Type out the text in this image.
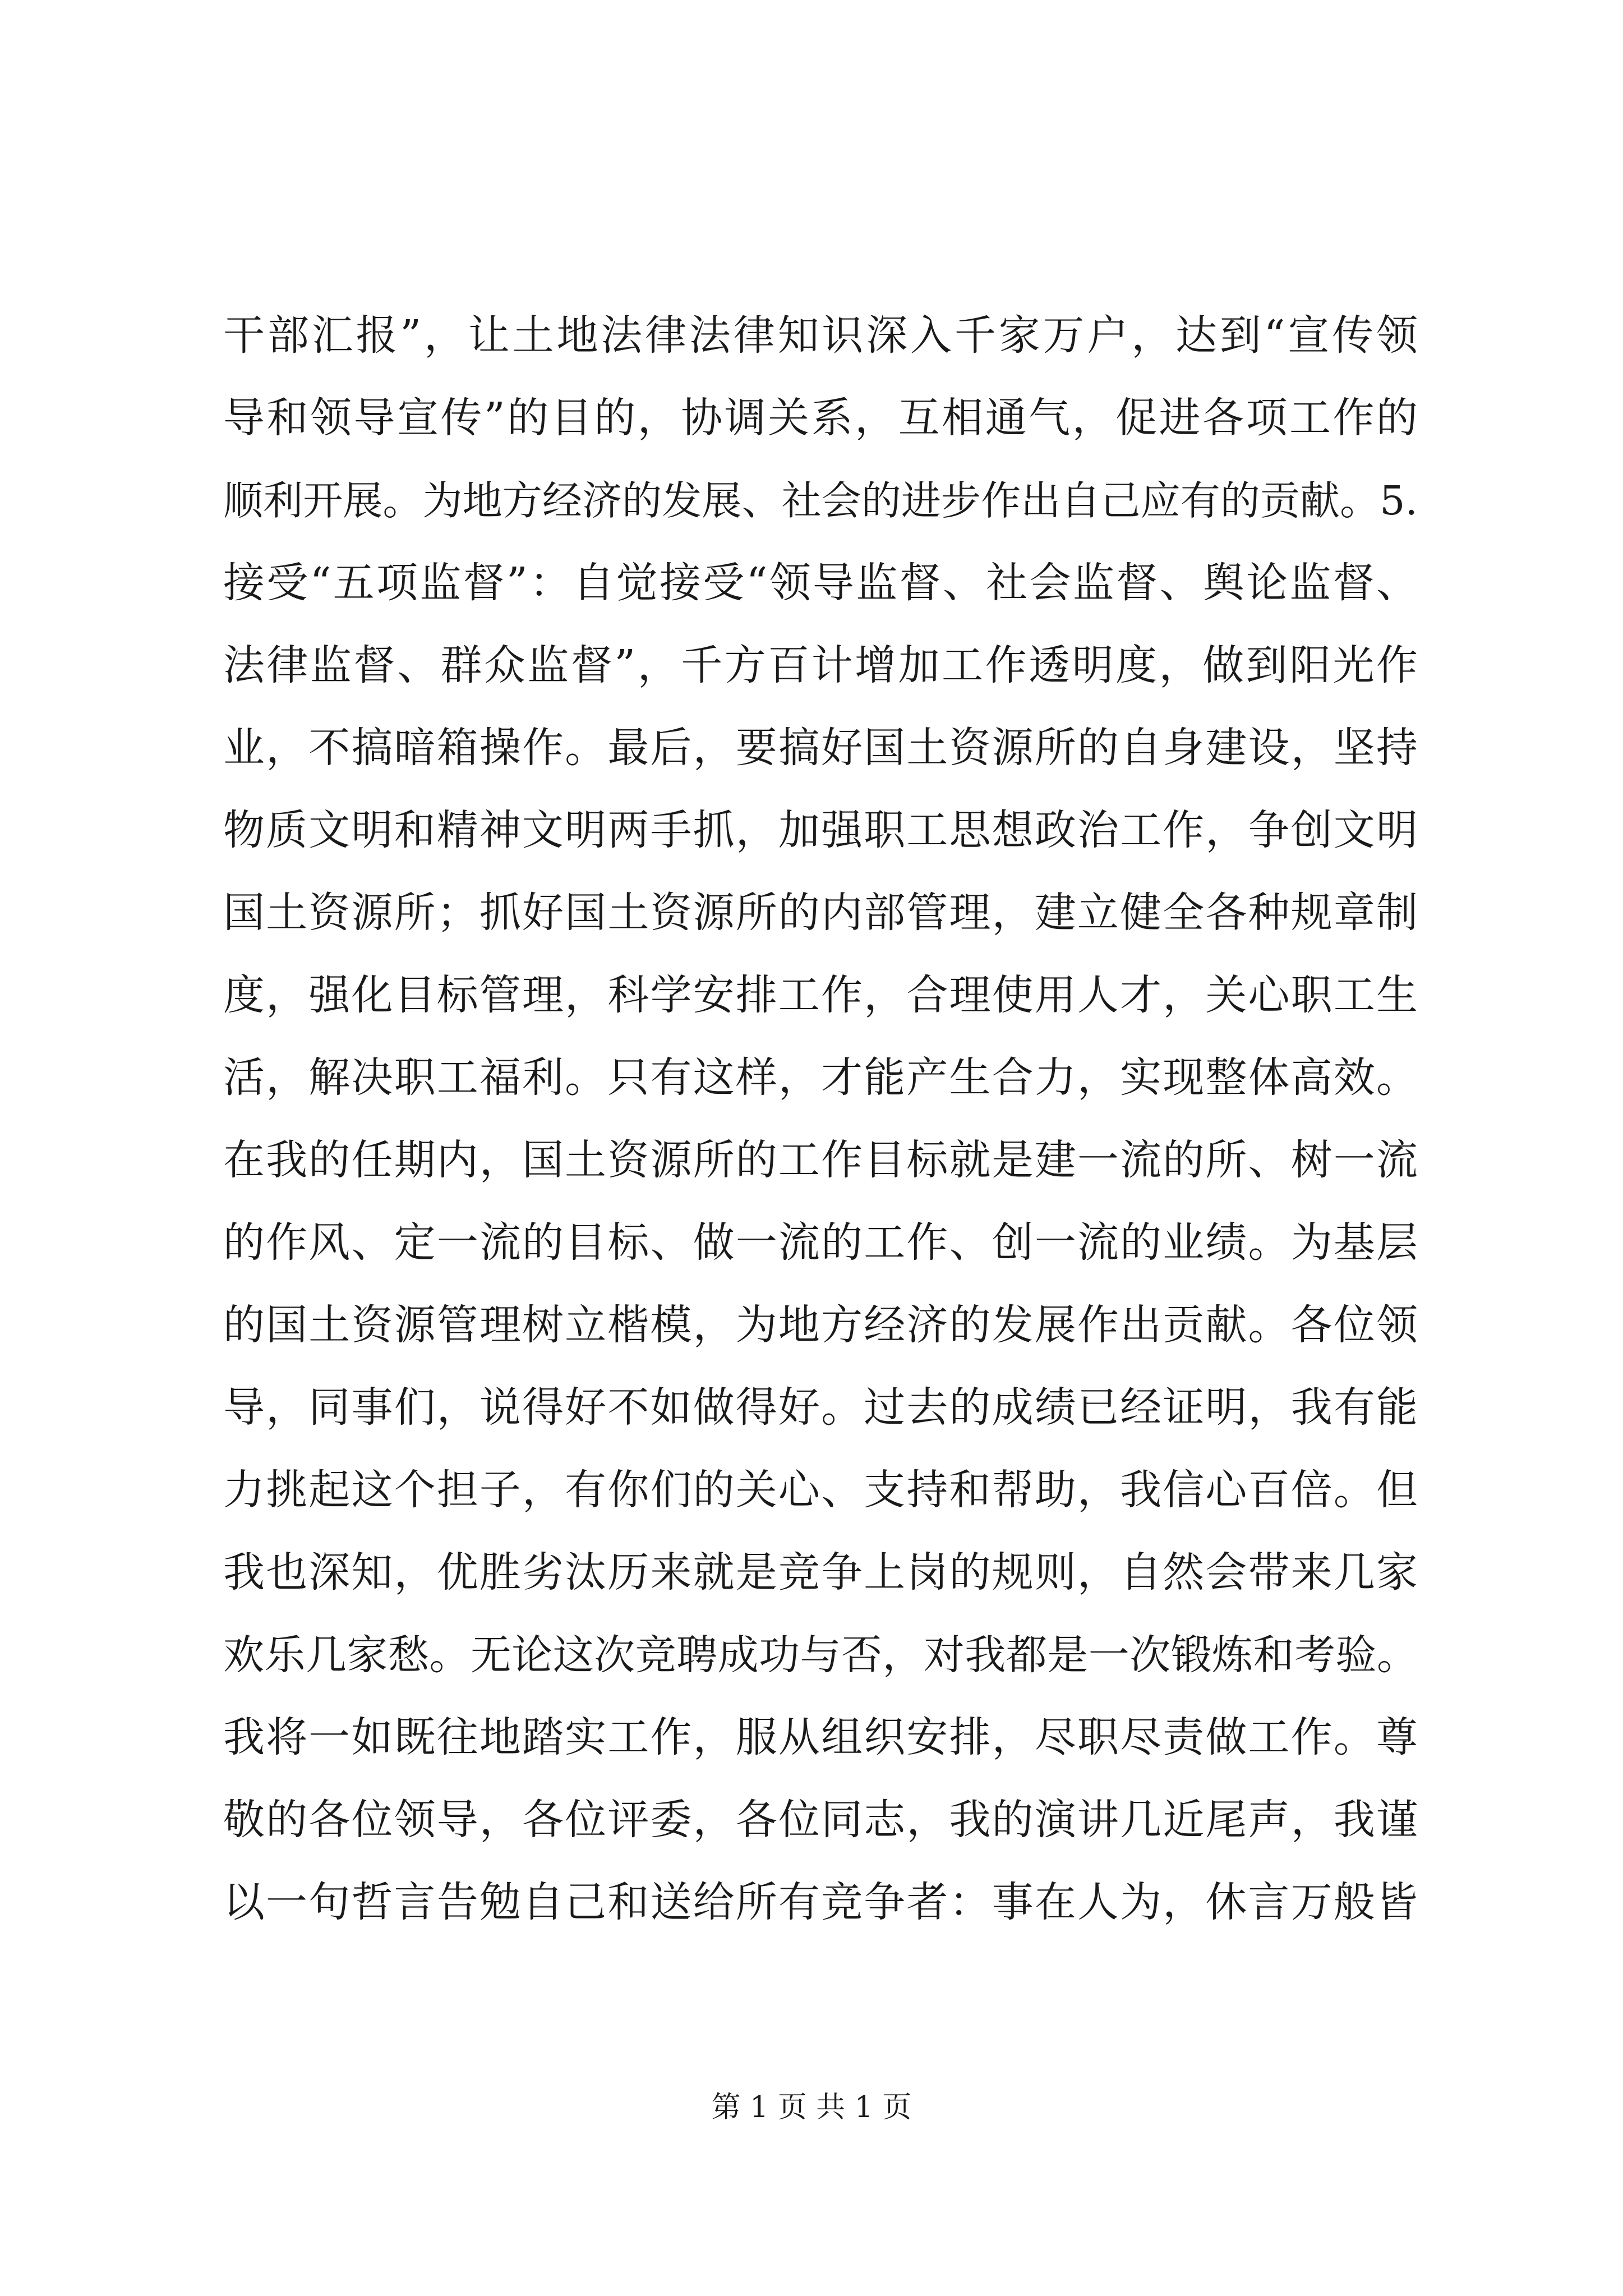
干部汇报”，让土地法律法律知识深入千家万户，达到“宣传领
导和领导宣传”的目的，协调关系，互相通气，促进各项工作的
顺利开展。为地方经济的发展、社会的进步作出自己应有的贡献。5.
接受“五项监督”：自觉接受“领导监督、社会监督、舆论监督、
法律监督、群众监督”，千方百计增加工作透明度，做到阳光作
业，不搞暗箱操作。最后，要搞好国土资源所的自身建设，坚持
物质文明和精神文明两手抓，加强职工思想政治工作，争创文明
国土资源所；抓好国土资源所的内部管理，建立健全各种规章制
度，强化目标管理，科学安排工作，合理使用人才，关心职工生
活，解决职工福利。只有这样，才能产生合力，实现整体高效。
在我的任期内，国土资源所的工作目标就是建一流的所、树一流
的作风、定一流的目标、做一流的工作、创一流的业绩。为基层
的国土资源管理树立楷模，为地方经济的发展作出贡献。各位领
导，同事们，说得好不如做得好。过去的成绩已经证明，我有能
力挑起这个担子，有你们的关心、支持和帮助，我信心百倍。但
我也深知，优胜劣汰历来就是竞争上岗的规则，自然会带来几家
欢乐几家愁。无论这次竞聘成功与否，对我都是一次锻炼和考验。
我将一如既往地踏实工作，服从组织安排，尽职尽责做工作。尊
敬的各位领导，各位评委，各位同志，我的演讲几近尾声，我谨
以一句哲言告勉自己和送给所有竞争者：事在人为，休言万般皆
第 1 页 共 1 页
